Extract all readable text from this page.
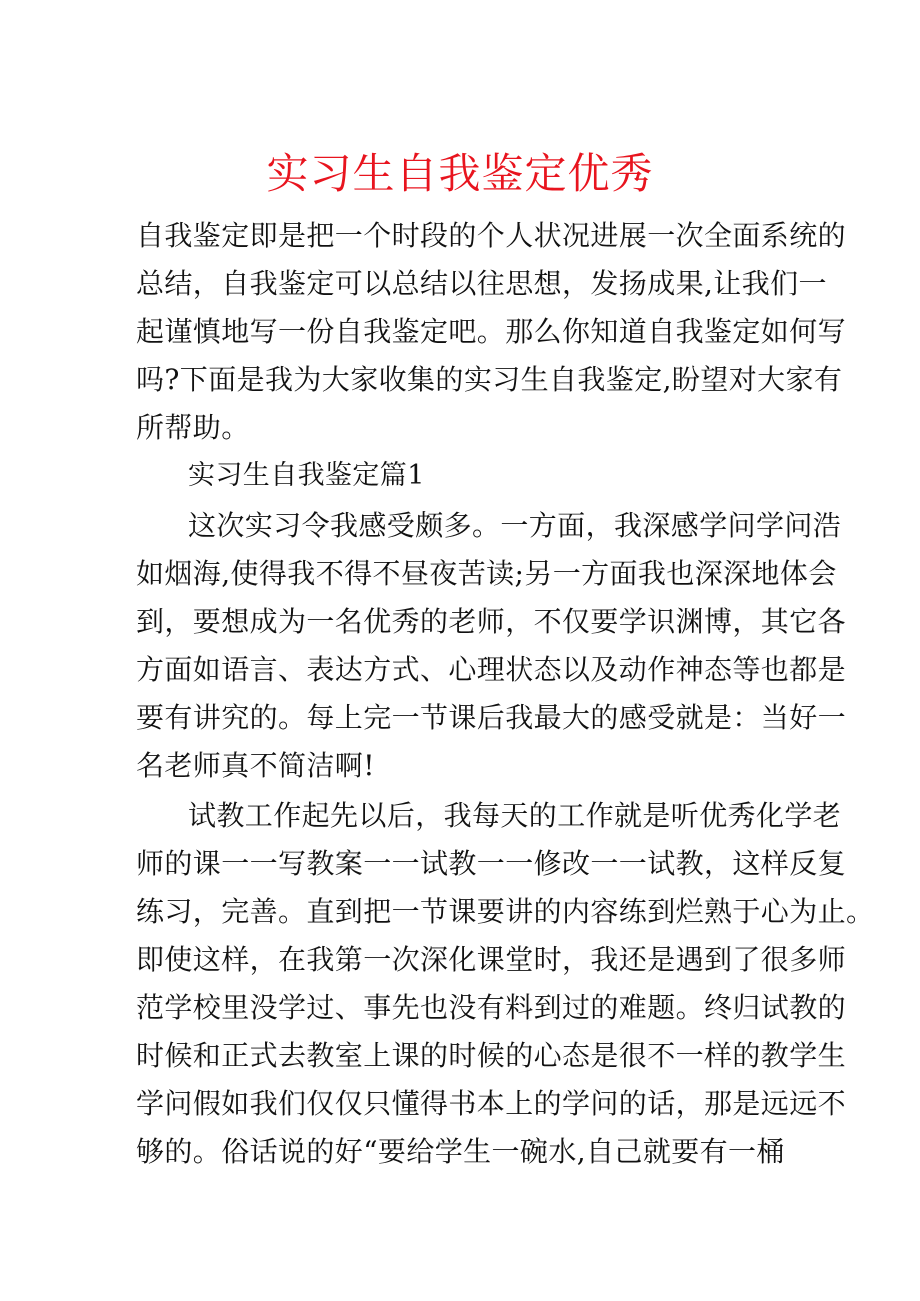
实习生自我鉴定优秀

自我鉴定即是把一个时段的个人状况进展一次全面系统的

总结，自我鉴定可以总结以往思想，发扬成果,让我们一

起谨慎地写一份自我鉴定吧。那么你知道自我鉴定如何写

吗?下面是我为大家收集的实习生自我鉴定,盼望对大家有

所帮助。

实习生自我鉴定篇1

这次实习令我感受颇多。一方面，我深感学问学问浩

如烟海,使得我不得不昼夜苦读;另一方面我也深深地体会

到，要想成为一名优秀的老师，不仅要学识渊博，其它各

方面如语言、表达方式、心理状态以及动作神态等也都是

要有讲究的。每上完一节课后我最大的感受就是：当好一

名老师真不简洁啊!

试教工作起先以后，我每天的工作就是听优秀化学老

师的课一一写教案一一试教一一修改一一试教，这样反复

练习，完善。直到把一节课要讲的内容练到烂熟于心为止。

即使这样，在我第一次深化课堂时，我还是遇到了很多师

范学校里没学过、事先也没有料到过的难题。终归试教的

时候和正式去教室上课的时候的心态是很不一样的教学生

学问假如我们仅仅只懂得书本上的学问的话，那是远远不

够的。俗话说的好“要给学生一碗水,自己就要有一桶
